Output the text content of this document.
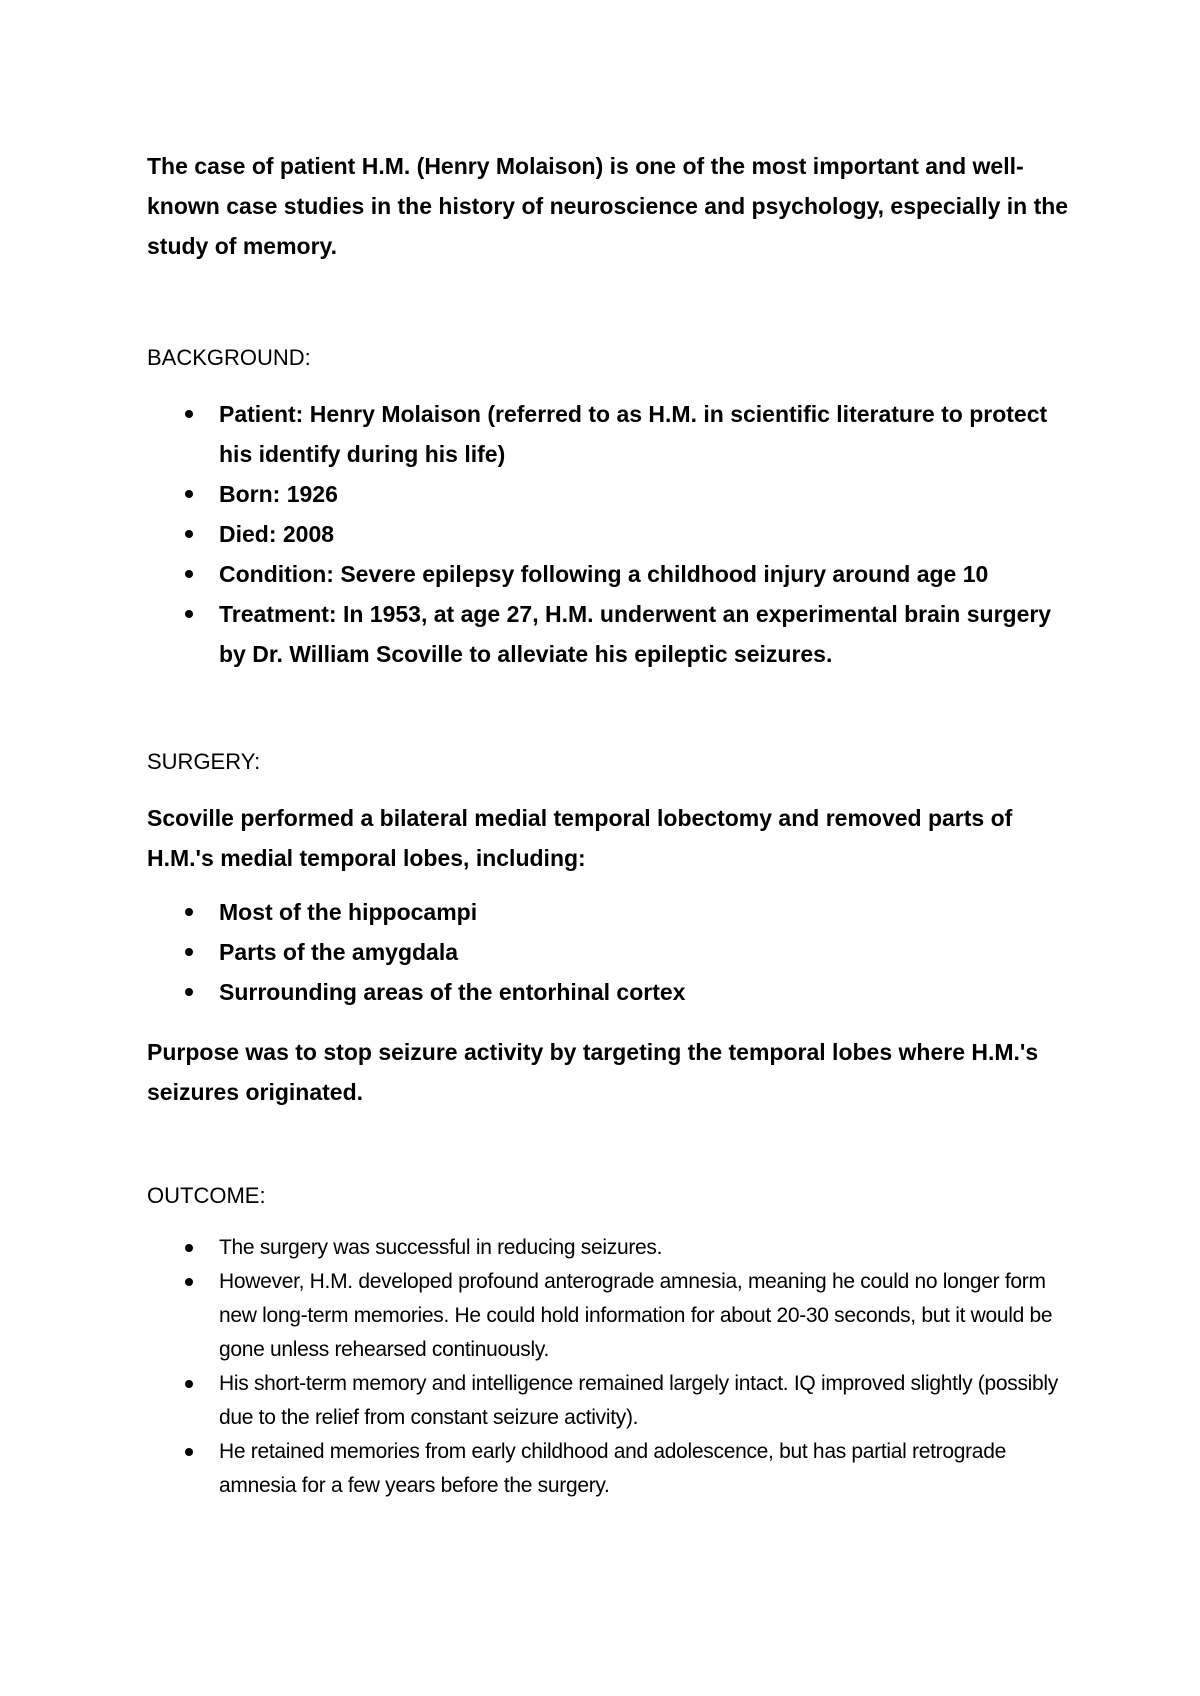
The case of patient H.M. (Henry Molaison) is one of the most important and well-known case studies in the history of neuroscience and psychology, especially in the study of memory.

BACKGROUND:
Patient: Henry Molaison (referred to as H.M. in scientific literature to protect his identify during his life)
Born: 1926
Died: 2008
Condition: Severe epilepsy following a childhood injury around age 10
Treatment: In 1953, at age 27, H.M. underwent an experimental brain surgery by Dr. William Scoville to alleviate his epileptic seizures.
SURGERY:

Scoville performed a bilateral medial temporal lobectomy and removed parts of H.M.'s medial temporal lobes, including:

Most of the hippocampi
Parts of the amygdala
Surrounding areas of the entorhinal cortex

Purpose was to stop seizure activity by targeting the temporal lobes where H.M.'s seizures originated.

OUTCOME:
The surgery was successful in reducing seizures.
However, H.M. developed profound anterograde amnesia, meaning he could no longer form new long-term memories. He could hold information for about 20-30 seconds, but it would be gone unless rehearsed continuously.
His short-term memory and intelligence remained largely intact. IQ improved slightly (possibly due to the relief from constant seizure activity).
He retained memories from early childhood and adolescence, but has partial retrograde amnesia for a few years before the surgery.
